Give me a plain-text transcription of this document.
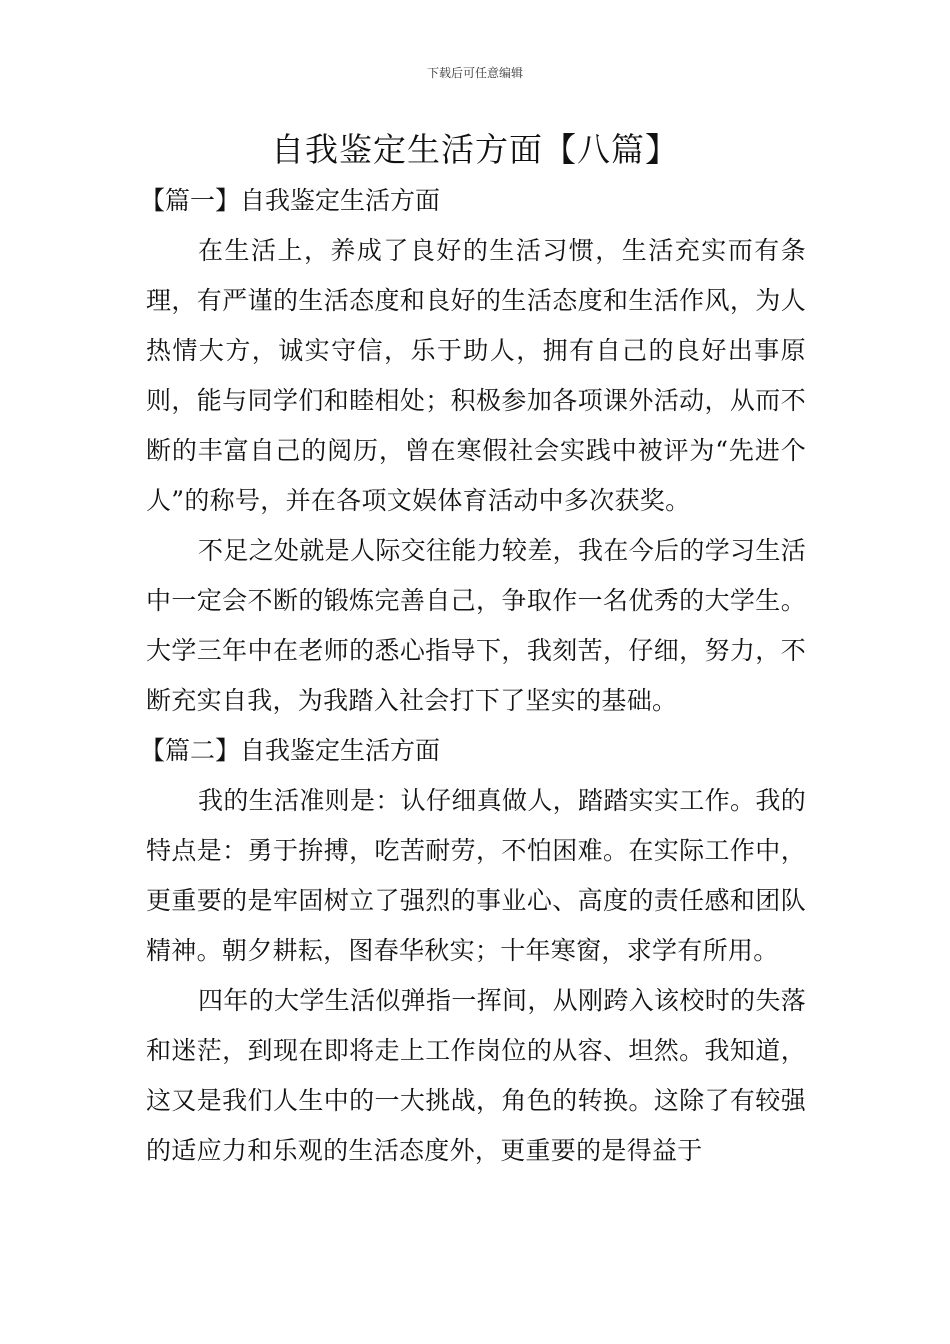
下载后可任意编辑
自我鉴定生活方面【八篇】

【篇一】自我鉴定生活方面

在生活上，养成了良好的生活习惯，生活充实而有条理，有严谨的生活态度和良好的生活态度和生活作风，为人热情大方，诚实守信，乐于助人，拥有自己的良好出事原则，能与同学们和睦相处；积极参加各项课外活动，从而不断的丰富自己的阅历，曾在寒假社会实践中被评为“先进个人”的称号，并在各项文娱体育活动中多次获奖。

不足之处就是人际交往能力较差，我在今后的学习生活中一定会不断的锻炼完善自己，争取作一名优秀的大学生。大学三年中在老师的悉心指导下，我刻苦，仔细，努力，不断充实自我，为我踏入社会打下了坚实的基础。

【篇二】自我鉴定生活方面

我的生活准则是：认仔细真做人，踏踏实实工作。我的特点是：勇于拚搏，吃苦耐劳，不怕困难。在实际工作中，更重要的是牢固树立了强烈的事业心、高度的责任感和团队精神。朝夕耕耘，图春华秋实；十年寒窗，求学有所用。

四年的大学生活似弹指一挥间，从刚跨入该校时的失落和迷茫，到现在即将走上工作岗位的从容、坦然。我知道，这又是我们人生中的一大挑战，角色的转换。这除了有较强的适应力和乐观的生活态度外，更重要的是得益于
